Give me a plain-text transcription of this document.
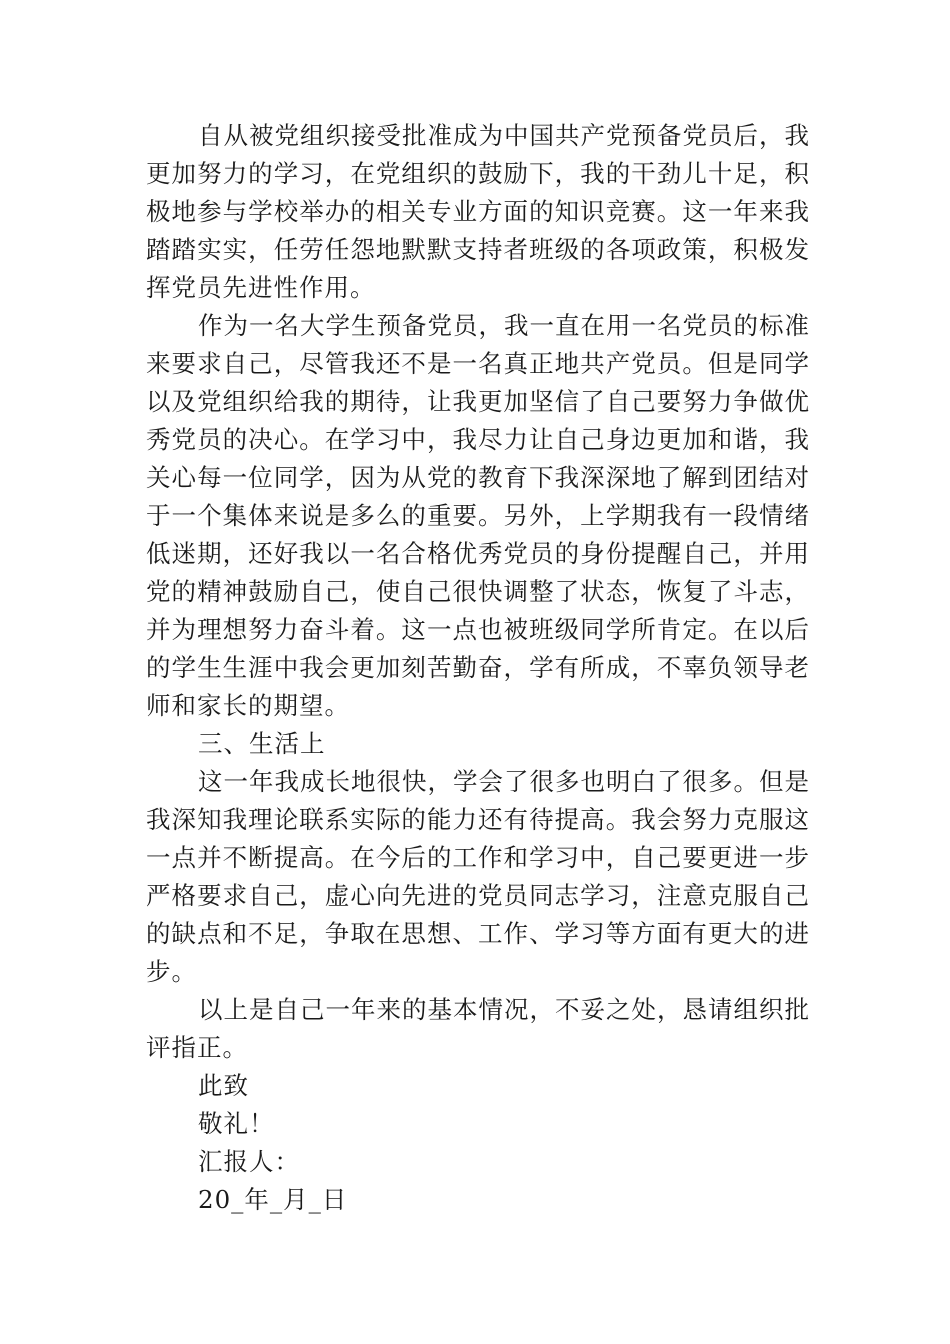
自从被党组织接受批准成为中国共产党预备党员后，我更加努力的学习，在党组织的鼓励下，我的干劲儿十足，积极地参与学校举办的相关专业方面的知识竞赛。这一年来我踏踏实实，任劳任怨地默默支持者班级的各项政策，积极发挥党员先进性作用。

作为一名大学生预备党员，我一直在用一名党员的标准来要求自己，尽管我还不是一名真正地共产党员。但是同学以及党组织给我的期待，让我更加坚信了自己要努力争做优秀党员的决心。在学习中，我尽力让自己身边更加和谐，我关心每一位同学，因为从党的教育下我深深地了解到团结对于一个集体来说是多么的重要。另外，上学期我有一段情绪低迷期，还好我以一名合格优秀党员的身份提醒自己，并用党的精神鼓励自己，使自己很快调整了状态，恢复了斗志，并为理想努力奋斗着。这一点也被班级同学所肯定。在以后的学生生涯中我会更加刻苦勤奋，学有所成，不辜负领导老师和家长的期望。

三、生活上

这一年我成长地很快，学会了很多也明白了很多。但是我深知我理论联系实际的能力还有待提高。我会努力克服这一点并不断提高。在今后的工作和学习中，自己要更进一步严格要求自己，虚心向先进的党员同志学习，注意克服自己的缺点和不足，争取在思想、工作、学习等方面有更大的进步。

以上是自己一年来的基本情况，不妥之处，恳请组织批评指正。

此致

敬礼！

汇报人：

20_年_月_日
